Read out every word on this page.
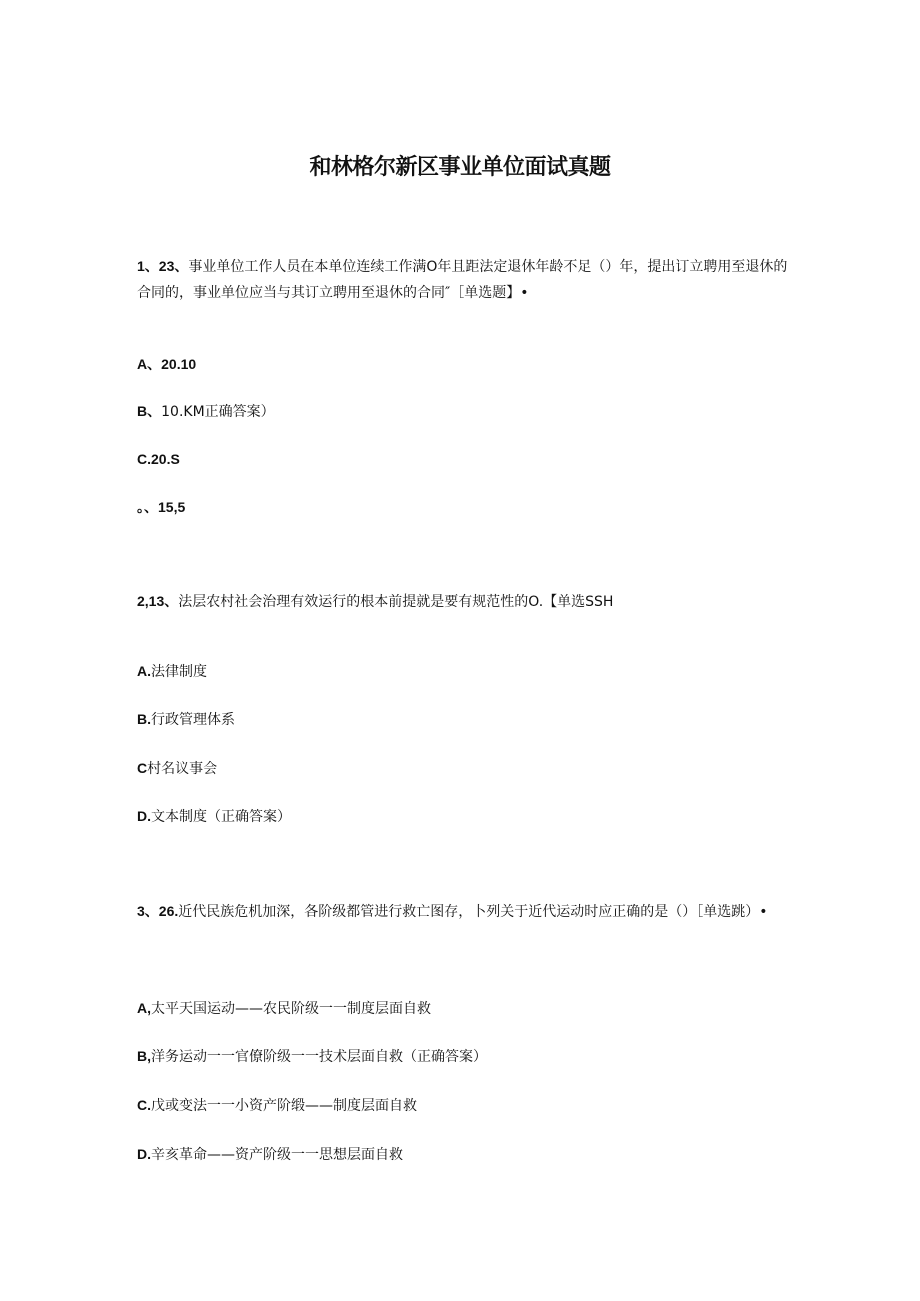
和林格尔新区事业单位面试真题
1、23、事业单位工作人员在本单位连续工作满O年且距法定退休年龄不足（）年，提出订立聘用至退休的合同的，事业单位应当与其订立聘用至退休的合同″［单选题】•
A、20.10
B、10.KM正确答案）
C.20.S
。、15,5
2,13、法层农村社会治理有效运行的根本前提就是要有规范性的O.【单选SSH
A.法律制度
B.行政管理体系
C村名议事会
D.文本制度（正确答案）
3、26.近代民族危机加深，各阶级都管进行救亡图存，卜列关于近代运动时应正确的是（）［单选跳）•
A,太平天国运动——农民阶级一一制度层面自救
B,洋务运动一一官僚阶级一一技术层面自救（正确答案）
C.戊或变法一一小资产阶缎——制度层面自救
D.辛亥革命——资产阶级一一思想层面自救
